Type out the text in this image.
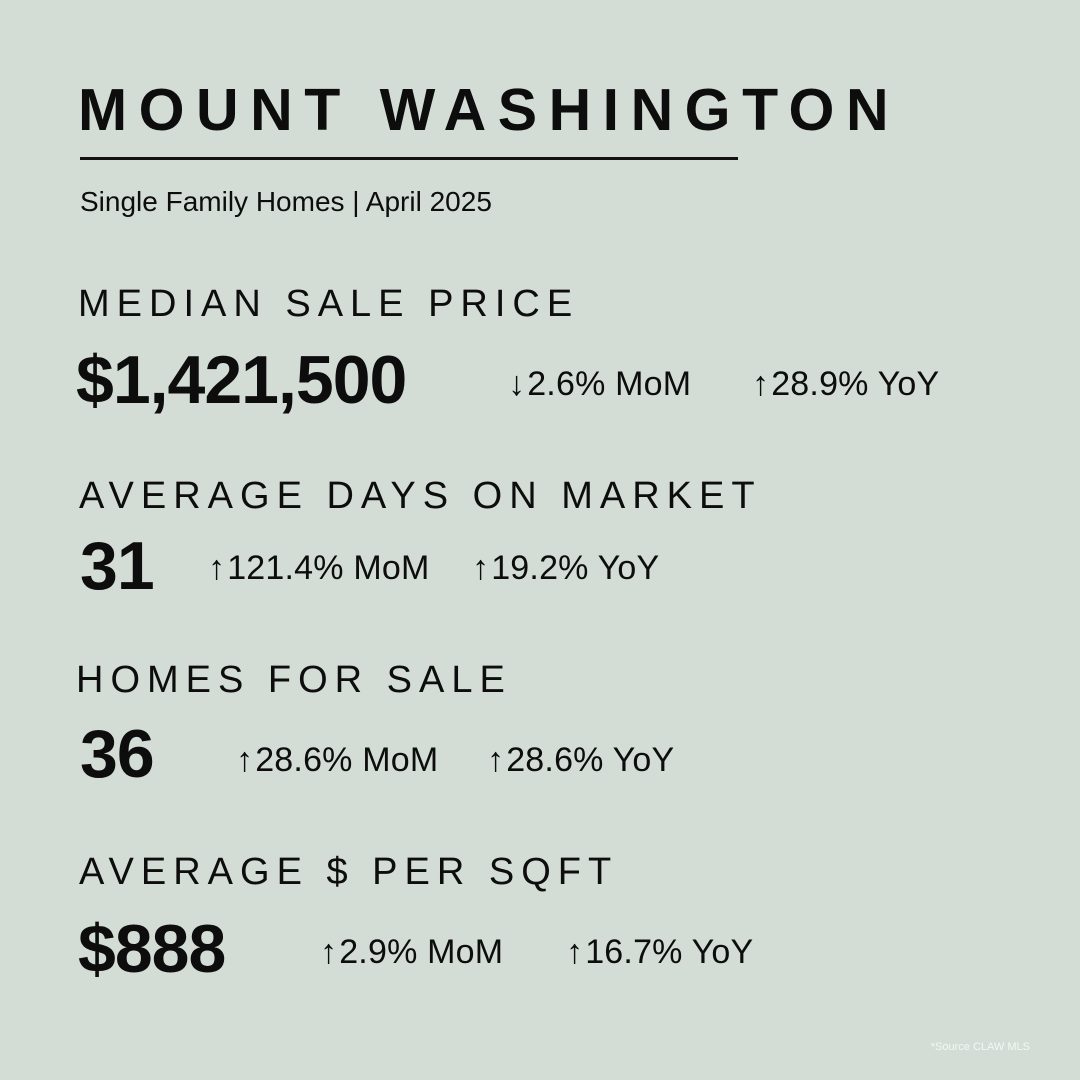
MOUNT WASHINGTON
Single Family Homes | April 2025
MEDIAN SALE PRICE
$1,421,500	↓2.6% MoM ↑28.9% YoY
AVERAGE DAYS ON MARKET
31 ↑121.4% MoM ↑19.2% YoY
HOMES FOR SALE
36 ↑28.6% MoM ↑28.6% YoY
AVERAGE $ PER SQFT
$888	↑2.9% MoM ↑16.7% YoY
*Source CLAW MLS
